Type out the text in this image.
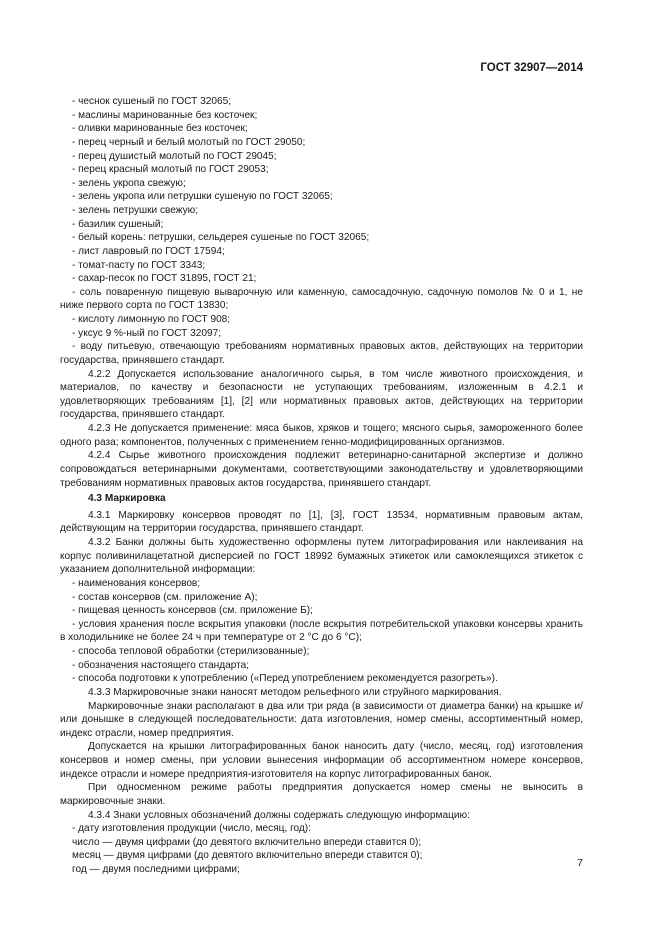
ГОСТ 32907—2014
- чеснок сушеный по ГОСТ 32065;
- маслины маринованные без косточек;
- оливки маринованные без косточек;
- перец черный и белый молотый по ГОСТ 29050;
- перец душистый молотый по ГОСТ 29045;
- перец красный молотый по ГОСТ 29053;
- зелень укропа свежую;
- зелень укропа или петрушки сушеную по ГОСТ 32065;
- зелень петрушки свежую;
- базилик сушеный;
- белый корень: петрушки, сельдерея сушеные по ГОСТ 32065;
- лист лавровый по ГОСТ 17594;
- томат-пасту по ГОСТ 3343;
- сахар-песок по ГОСТ 31895, ГОСТ 21;
- соль поваренную пищевую выварочную или каменную, самосадочную, садочную помолов № 0 и 1, не ниже первого сорта по ГОСТ 13830;
- кислоту лимонную по ГОСТ 908;
- уксус 9 %-ный по ГОСТ 32097;
- воду питьевую, отвечающую требованиям нормативных правовых актов, действующих на территории государства, принявшего стандарт.
4.2.2 Допускается использование аналогичного сырья, в том числе животного происхождения, и материалов, по качеству и безопасности не уступающих требованиям, изложенным в 4.2.1 и удовлетворяющих требованиям [1], [2] или нормативных правовых актов, действующих на территории государства, принявшего стандарт.
4.2.3 Не допускается применение: мяса быков, хряков и тощего; мясного сырья, замороженного более одного раза; компонентов, полученных с применением генно-модифицированных организмов.
4.2.4 Сырье животного происхождения подлежит ветеринарно-санитарной экспертизе и должно сопровождаться ветеринарными документами, соответствующими законодательству и удовлетворяющими требованиям нормативных правовых актов государства, принявшего стандарт.
4.3 Маркировка
4.3.1 Маркировку консервов проводят по [1], [3], ГОСТ 13534, нормативным правовым актам, действующим на территории государства, принявшего стандарт.
4.3.2 Банки должны быть художественно оформлены путем литографирования или наклеивания на корпус поливинилацетатной дисперсией по ГОСТ 18992 бумажных этикеток или самоклеящихся этикеток с указанием дополнительной информации:
- наименования консервов;
- состав консервов (см. приложение А);
- пищевая ценность консервов (см. приложение Б);
- условия хранения после вскрытия упаковки (после вскрытия потребительской упаковки консервы хранить в холодильнике не более 24 ч при температуре от 2 °С до 6 °С);
- способа тепловой обработки (стерилизованные);
- обозначения настоящего стандарта;
- способа подготовки к употреблению («Перед употреблением рекомендуется разогреть»).
4.3.3 Маркировочные знаки наносят методом рельефного или струйного маркирования.
Маркировочные знаки располагают в два или три ряда (в зависимости от диаметра банки) на крышке и/или донышке в следующей последовательности: дата изготовления, номер смены, ассортиментный номер, индекс отрасли, номер предприятия.
Допускается на крышки литографированных банок наносить дату (число, месяц, год) изготовления консервов и номер смены, при условии вынесения информации об ассортиментном номере консервов, индексе отрасли и номере предприятия-изготовителя на корпус литографированных банок.
При односменном режиме работы предприятия допускается номер смены не выносить в маркировочные знаки.
4.3.4 Знаки условных обозначений должны содержать следующую информацию:
- дату изготовления продукции (число, месяц, год):
число — двумя цифрами (до девятого включительно впереди ставится 0);
месяц — двумя цифрами (до девятого включительно впереди ставится 0);
год — двумя последними цифрами;
7
